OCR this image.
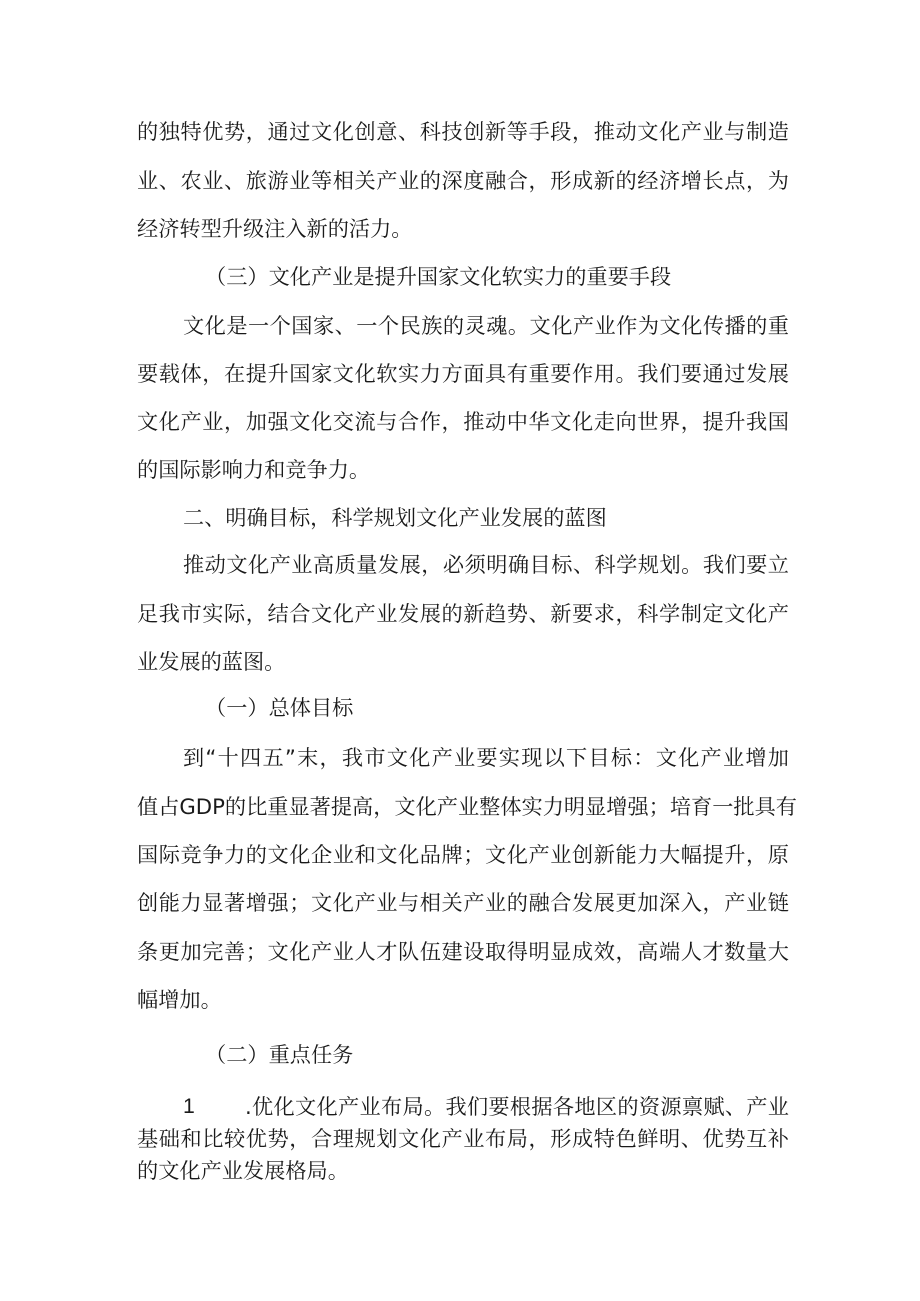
的独特优势，通过文化创意、科技创新等手段，推动文化产业与制造
业、农业、旅游业等相关产业的深度融合，形成新的经济增长点，为
经济转型升级注入新的活力。
（三）文化产业是提升国家文化软实力的重要手段
文化是一个国家、一个民族的灵魂。文化产业作为文化传播的重
要载体，在提升国家文化软实力方面具有重要作用。我们要通过发展
文化产业，加强文化交流与合作，推动中华文化走向世界，提升我国
的国际影响力和竞争力。
二、明确目标，科学规划文化产业发展的蓝图
推动文化产业高质量发展，必须明确目标、科学规划。我们要立
足我市实际，结合文化产业发展的新趋势、新要求，科学制定文化产
业发展的蓝图。
（一）总体目标
到“十四五”末，我市文化产业要实现以下目标：文化产业增加
值占GDP的比重显著提高，文化产业整体实力明显增强；培育一批具有
国际竞争力的文化企业和文化品牌；文化产业创新能力大幅提升，原
创能力显著增强；文化产业与相关产业的融合发展更加深入，产业链
条更加完善；文化产业人才队伍建设取得明显成效，高端人才数量大
幅增加。
（二）重点任务
1 .优化文化产业布局。我们要根据各地区的资源禀赋、产业
基础和比较优势，合理规划文化产业布局，形成特色鲜明、优势互补
的文化产业发展格局。
